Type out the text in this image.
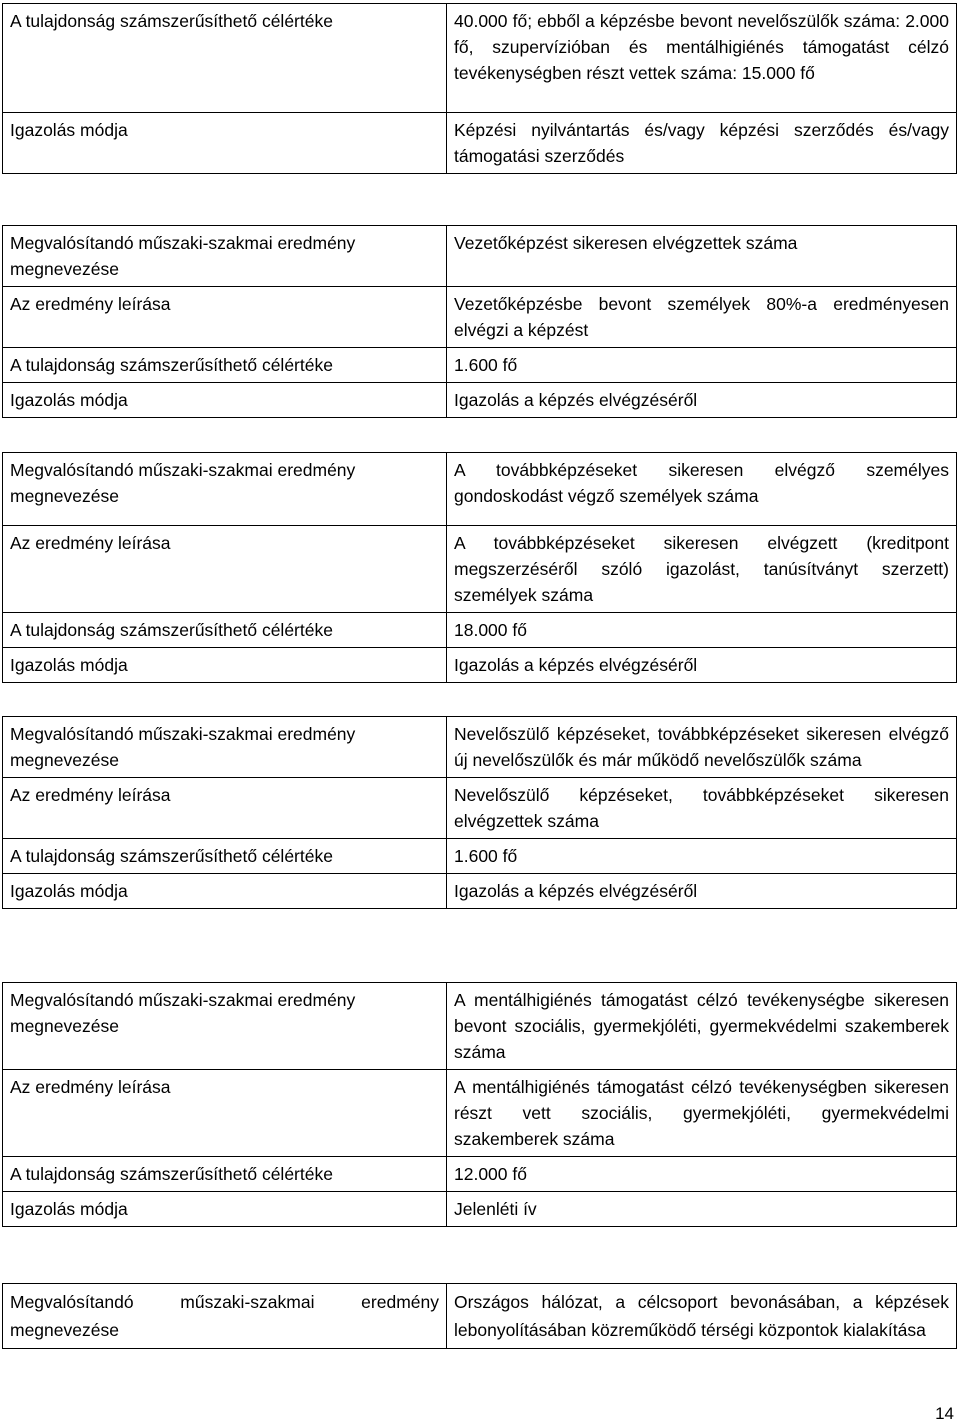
A tulajdonság számszerűsíthető célértéke	40.000 fő; ebből a képzésbe bevont nevelőszülők száma: 2.000 fő, szupervízióban és mentálhigiénés támogatást célzó tevékenységben részt vettek száma: 15.000 fő
Igazolás módja	Képzési nyilvántartás és/vagy képzési szerződés és/vagy támogatási szerződés
Megvalósítandó műszaki-szakmai eredmény megnevezése	Vezetőképzést sikeresen elvégzettek száma
Az eredmény leírása	Vezetőképzésbe bevont személyek 80%-a eredményesen elvégzi a képzést
A tulajdonság számszerűsíthető célértéke	1.600 fő
Igazolás módja	Igazolás a képzés elvégzéséről
Megvalósítandó műszaki-szakmai eredmény megnevezése	A továbbképzéseket sikeresen elvégző személyes gondoskodást végző személyek száma
Az eredmény leírása	A továbbképzéseket sikeresen elvégzett (kreditpont megszerzéséről szóló igazolást, tanúsítványt szerzett) személyek száma
A tulajdonság számszerűsíthető célértéke	18.000 fő
Igazolás módja	Igazolás a képzés elvégzéséről
Megvalósítandó műszaki-szakmai eredmény megnevezése	Nevelőszülő képzéseket, továbbképzéseket sikeresen elvégző új nevelőszülők és már működő nevelőszülők száma
Az eredmény leírása	Nevelőszülő képzéseket, továbbképzéseket sikeresen elvégzettek száma
A tulajdonság számszerűsíthető célértéke	1.600 fő
Igazolás módja	Igazolás a képzés elvégzéséről
Megvalósítandó műszaki-szakmai eredmény megnevezése	A mentálhigiénés támogatást célzó tevékenységbe sikeresen bevont szociális, gyermekjóléti, gyermekvédelmi szakemberek száma
Az eredmény leírása	A mentálhigiénés támogatást célzó tevékenységben sikeresen részt vett szociális, gyermekjóléti, gyermekvédelmi szakemberek száma
A tulajdonság számszerűsíthető célértéke	12.000 fő
Igazolás módja	Jelenléti ív
Megvalósítandó műszaki-szakmai eredmény megnevezése	Országos hálózat, a célcsoport bevonásában, a képzések lebonyolításában közreműködő térségi központok kialakítása
14
